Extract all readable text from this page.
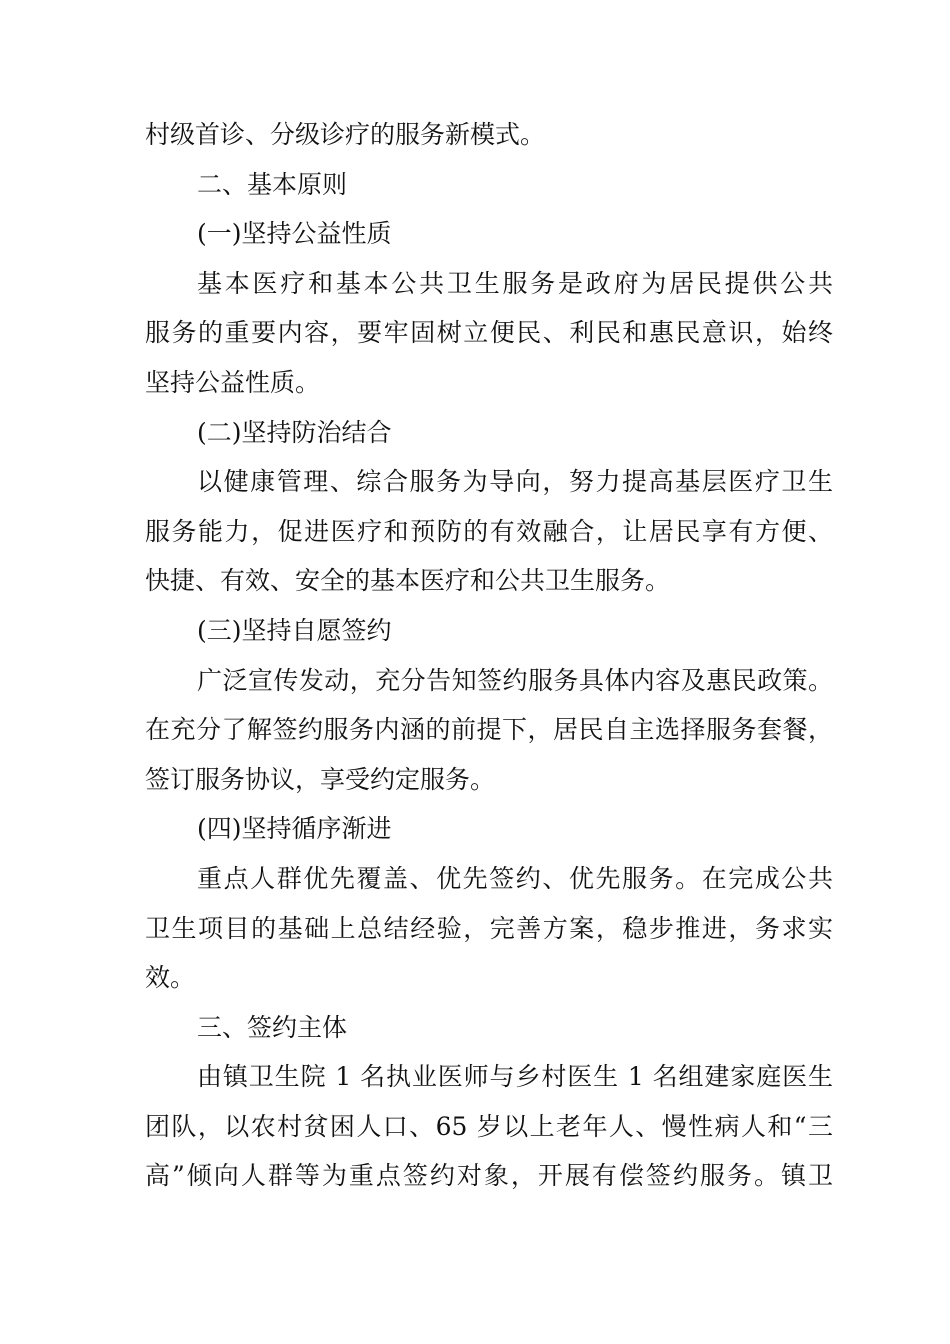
村级首诊、分级诊疗的服务新模式。
二、基本原则
(一)坚持公益性质
基本医疗和基本公共卫生服务是政府为居民提供公共
服务的重要内容，要牢固树立便民、利民和惠民意识，始终
坚持公益性质。
(二)坚持防治结合
以健康管理、综合服务为导向，努力提高基层医疗卫生
服务能力，促进医疗和预防的有效融合，让居民享有方便、
快捷、有效、安全的基本医疗和公共卫生服务。
(三)坚持自愿签约
广泛宣传发动，充分告知签约服务具体内容及惠民政策。
在充分了解签约服务内涵的前提下，居民自主选择服务套餐，
签订服务协议，享受约定服务。
(四)坚持循序渐进
重点人群优先覆盖、优先签约、优先服务。在完成公共
卫生项目的基础上总结经验，完善方案，稳步推进，务求实
效。
三、签约主体
由镇卫生院 1 名执业医师与乡村医生 1 名组建家庭医生
团队，以农村贫困人口、65 岁以上老年人、慢性病人和“三
高”倾向人群等为重点签约对象，开展有偿签约服务。镇卫
